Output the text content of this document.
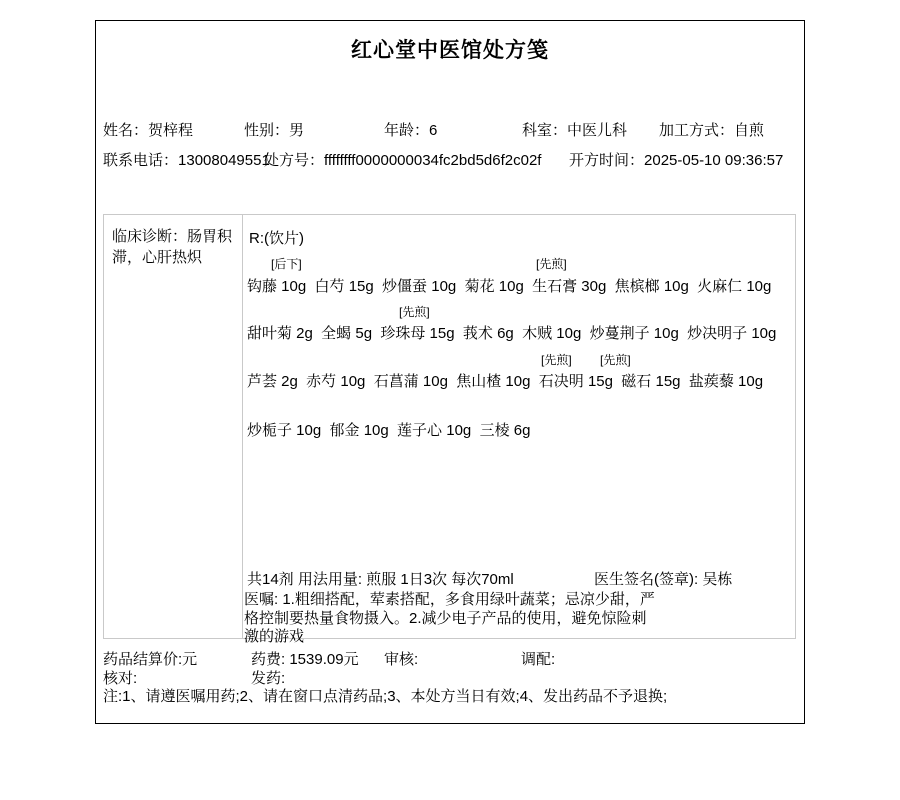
红心堂中医馆处方笺
姓名：贺梓程	性别：男	年龄：6	科室：中医儿科 加工方式：自煎
联系电话：13008049551
处方号：ffffffff0000000034fc2bd5d6f2c02f 开方时间：2025-05-10 09:36:57
临床诊断：肠胃积滞，心肝热炽
R:(饮片)
[后下]	[先煎]
钩藤 10g  白芍 15g  炒僵蚕 10g  菊花 10g  生石膏 30g  焦槟榔 10g  火麻仁 10g
[先煎]
甜叶菊 2g  全蝎 5g  珍珠母 15g  莪术 6g  木贼 10g  炒蔓荆子 10g  炒决明子 10g
[先煎] [先煎]
芦荟 2g  赤芍 10g  石菖蒲 10g  焦山楂 10g  石决明 15g  磁石 15g  盐蒺藜 10g
炒栀子 10g  郁金 10g  莲子心 10g  三棱 6g
共14剂 用法用量: 煎服 1日3次 每次70ml	医生签名(签章): 吴栋
医嘱: 1.粗细搭配，荤素搭配，多食用绿叶蔬菜；忌凉少甜，严格控制要热量食物摄入。2.减少电子产品的使用，避免惊险刺激的游戏
药品结算价:元	药费: 1539.09元 审核:	调配:
核对:	发药:
注:1、请遵医嘱用药;2、请在窗口点清药品;3、本处方当日有效;4、发出药品不予退换;
